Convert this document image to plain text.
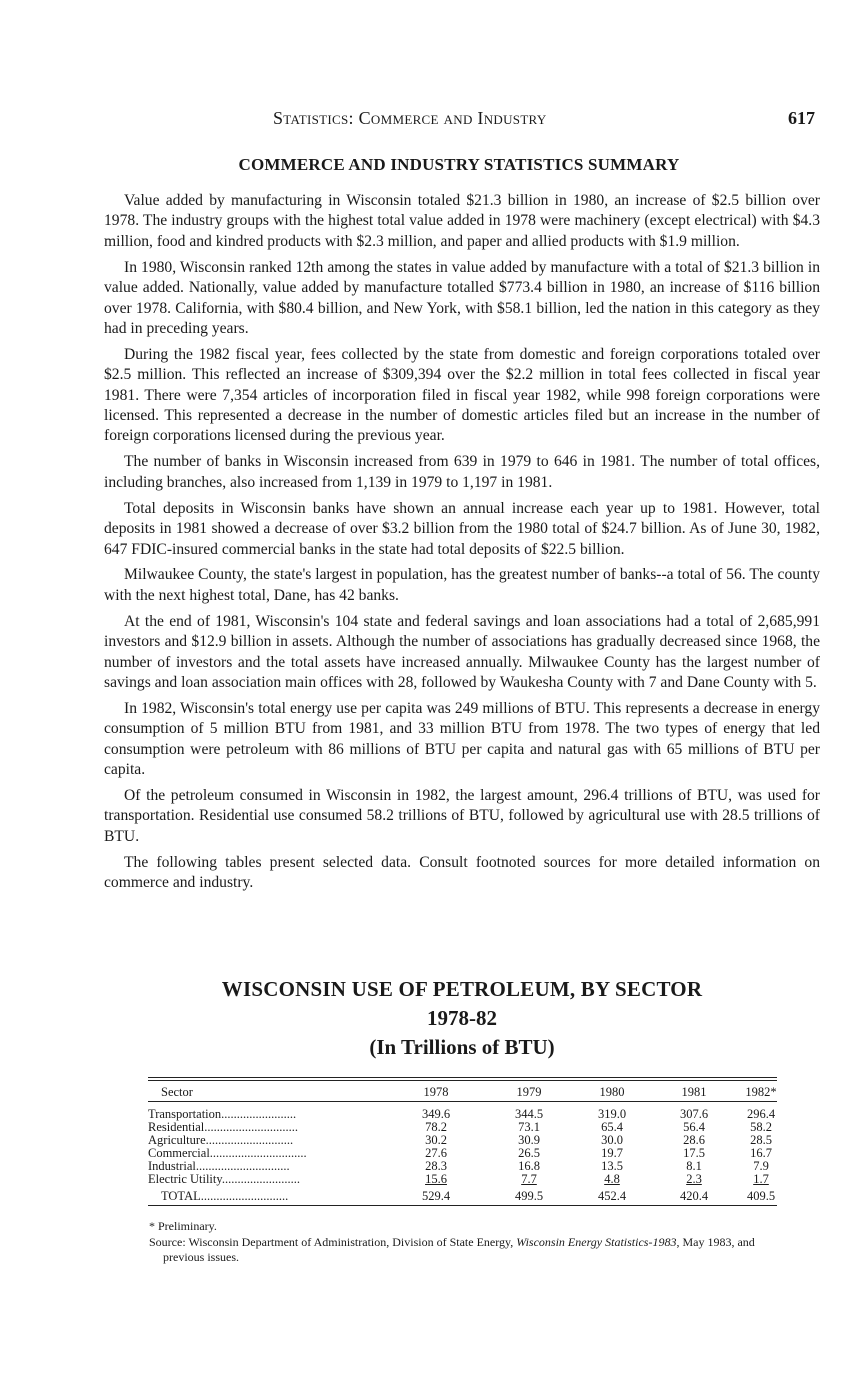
Statistics: Commerce and Industry	617
COMMERCE AND INDUSTRY STATISTICS SUMMARY

Value added by manufacturing in Wisconsin totaled $21.3 billion in 1980, an increase of $2.5 billion over 1978. The industry groups with the highest total value added in 1978 were machinery (except electrical) with $4.3 million, food and kindred products with $2.3 million, and paper and allied products with $1.9 million.

In 1980, Wisconsin ranked 12th among the states in value added by manufacture with a total of $21.3 billion in value added. Nationally, value added by manufacture totalled $773.4 billion in 1980, an increase of $116 billion over 1978. California, with $80.4 billion, and New York, with $58.1 billion, led the nation in this category as they had in preceding years.

During the 1982 fiscal year, fees collected by the state from domestic and foreign corporations totaled over $2.5 million. This reflected an increase of $309,394 over the $2.2 million in total fees collected in fiscal year 1981. There were 7,354 articles of incorporation filed in fiscal year 1982, while 998 foreign corporations were licensed. This represented a decrease in the number of domestic articles filed but an increase in the number of foreign corporations licensed during the previous year.

The number of banks in Wisconsin increased from 639 in 1979 to 646 in 1981. The number of total offices, including branches, also increased from 1,139 in 1979 to 1,197 in 1981.

Total deposits in Wisconsin banks have shown an annual increase each year up to 1981. However, total deposits in 1981 showed a decrease of over $3.2 billion from the 1980 total of $24.7 billion. As of June 30, 1982, 647 FDIC-insured commercial banks in the state had total deposits of $22.5 billion.

Milwaukee County, the state's largest in population, has the greatest number of banks--a total of 56. The county with the next highest total, Dane, has 42 banks.

At the end of 1981, Wisconsin's 104 state and federal savings and loan associations had a total of 2,685,991 investors and $12.9 billion in assets. Although the number of associations has gradually decreased since 1968, the number of investors and the total assets have increased annually. Milwaukee County has the largest number of savings and loan association main offices with 28, followed by Waukesha County with 7 and Dane County with 5.

In 1982, Wisconsin's total energy use per capita was 249 millions of BTU. This represents a decrease in energy consumption of 5 million BTU from 1981, and 33 million BTU from 1978. The two types of energy that led consumption were petroleum with 86 millions of BTU per capita and natural gas with 65 millions of BTU per capita.

Of the petroleum consumed in Wisconsin in 1982, the largest amount, 296.4 trillions of BTU, was used for transportation. Residential use consumed 58.2 trillions of BTU, followed by agricultural use with 28.5 trillions of BTU.

The following tables present selected data. Consult footnoted sources for more detailed information on commerce and industry.

WISCONSIN USE OF PETROLEUM, BY SECTOR
1978-82
(In Trillions of BTU)
Sector	1978	1979	1980	1981	1982*
Transportation........................	349.6	344.5	319.0	307.6	296.4
Residential..............................	78.2	73.1	65.4	56.4	58.2
Agriculture............................	30.2	30.9	30.0	28.6	28.5
Commercial...............................	27.6	26.5	19.7	17.5	16.7
Industrial..............................	28.3	16.8	13.5	8.1	7.9
Electric Utility.........................	15.6	7.7	4.8	2.3	1.7
TOTAL............................	529.4	499.5	452.4	420.4	409.5

* Preliminary.

Source: Wisconsin Department of Administration, Division of State Energy, Wisconsin Energy Statistics-1983, May 1983, and previous issues.
